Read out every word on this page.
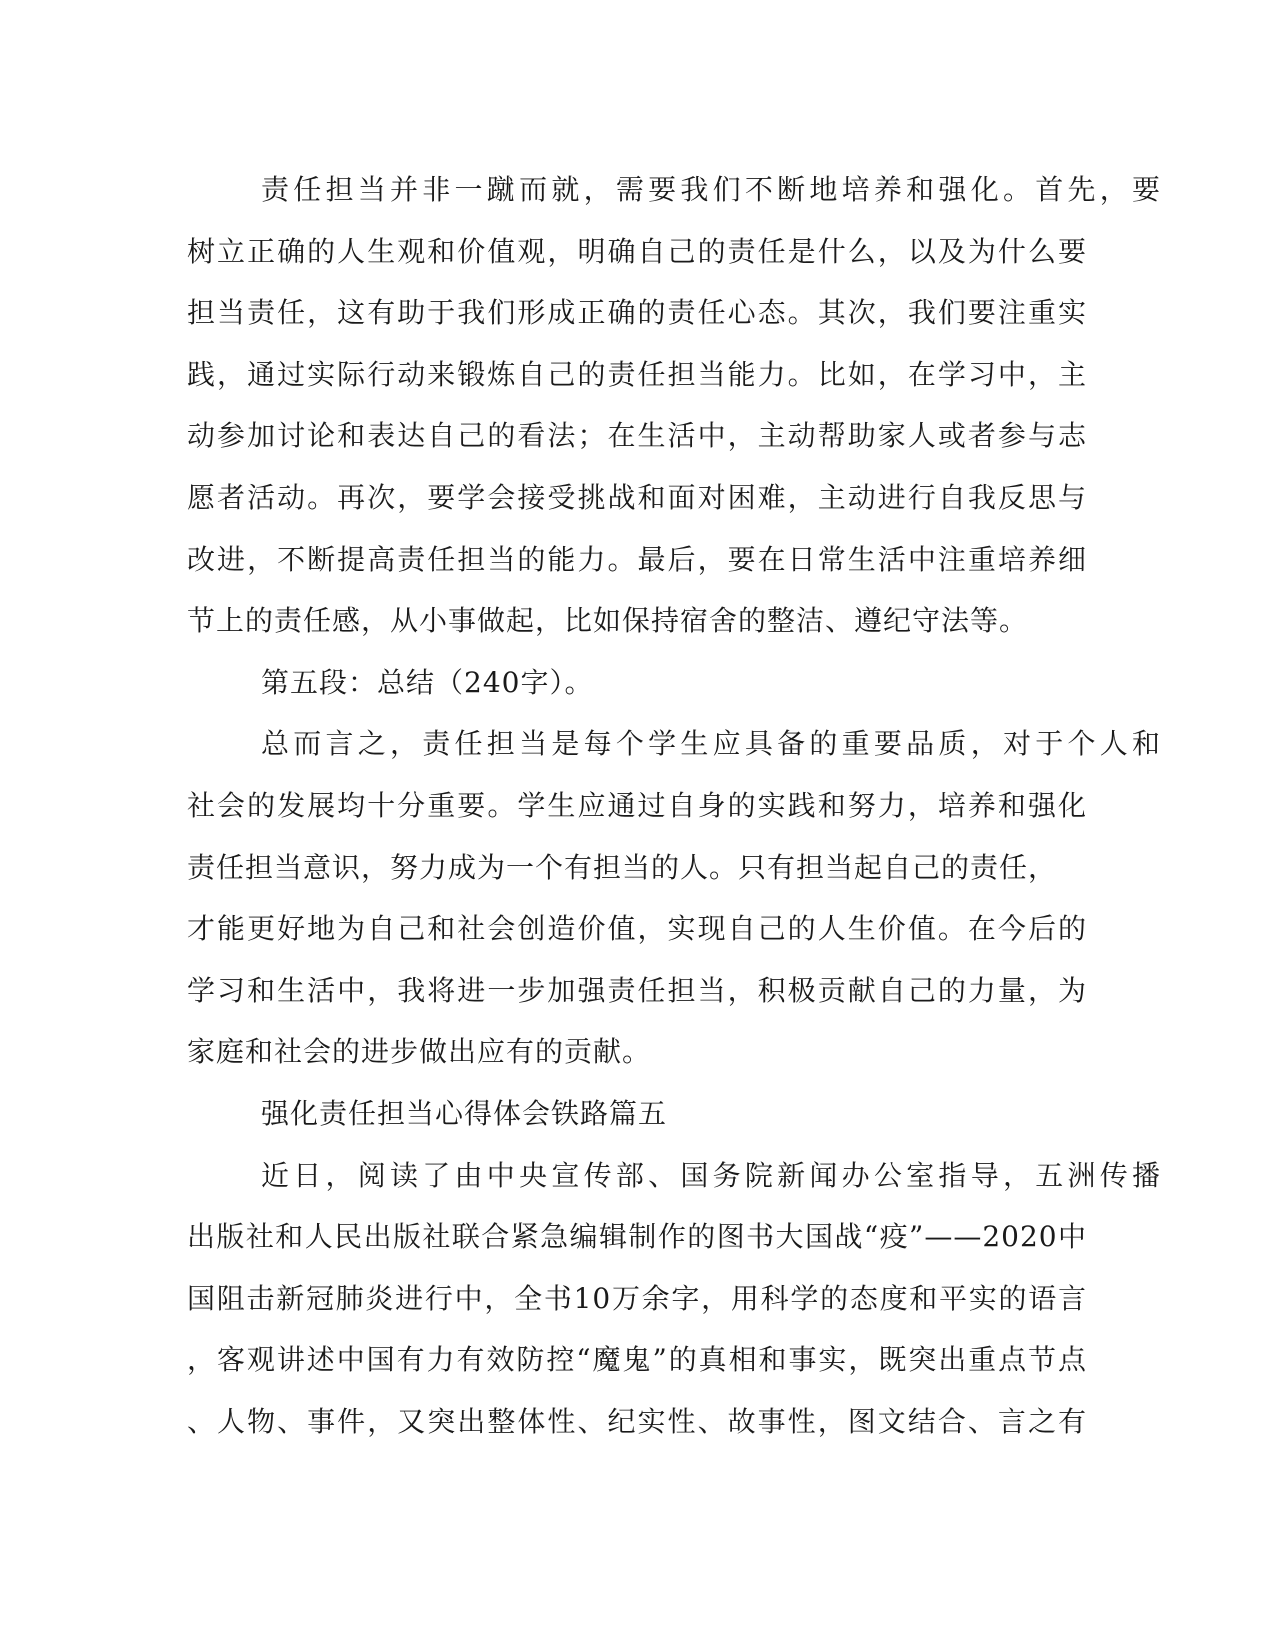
责任担当并非一蹴而就，需要我们不断地培养和强化。首先，要
树立正确的人生观和价值观，明确自己的责任是什么，以及为什么要
担当责任，这有助于我们形成正确的责任心态。其次，我们要注重实
践，通过实际行动来锻炼自己的责任担当能力。比如，在学习中，主
动参加讨论和表达自己的看法；在生活中，主动帮助家人或者参与志
愿者活动。再次，要学会接受挑战和面对困难，主动进行自我反思与
改进，不断提高责任担当的能力。最后，要在日常生活中注重培养细
节上的责任感，从小事做起，比如保持宿舍的整洁、遵纪守法等。
第五段：总结（240字）。
总而言之，责任担当是每个学生应具备的重要品质，对于个人和
社会的发展均十分重要。学生应通过自身的实践和努力，培养和强化
责任担当意识，努力成为一个有担当的人。只有担当起自己的责任，
才能更好地为自己和社会创造价值，实现自己的人生价值。在今后的
学习和生活中，我将进一步加强责任担当，积极贡献自己的力量，为
家庭和社会的进步做出应有的贡献。
强化责任担当心得体会铁路篇五
近日，阅读了由中央宣传部、国务院新闻办公室指导，五洲传播
出版社和人民出版社联合紧急编辑制作的图书大国战“疫”——2020中
国阻击新冠肺炎进行中，全书10万余字，用科学的态度和平实的语言
，客观讲述中国有力有效防控“魔鬼”的真相和事实，既突出重点节点
、人物、事件，又突出整体性、纪实性、故事性，图文结合、言之有
